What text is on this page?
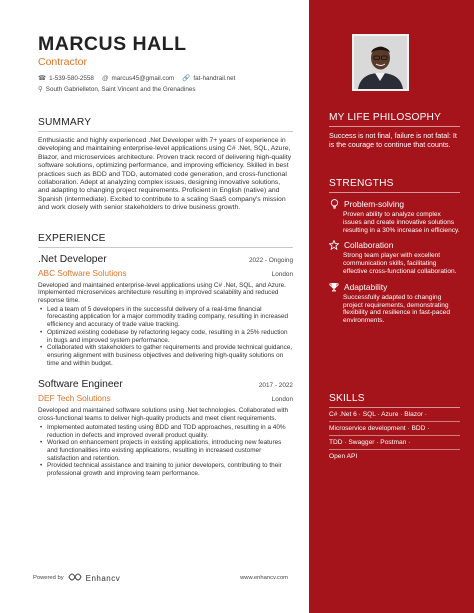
MARCUS HALL
Contractor
☎ 1-539-580-2558 @ marcus45@gmail.com 🔗 fat-handrail.net
⚲ South Gabrielleton, Saint Vincent and the Grenadines
SUMMARY
Enthusiastic and highly experienced .Net Developer with 7+ years of experience in developing and maintaining enterprise-level applications using C# .Net, SQL, Azure, Blazor, and microservices architecture. Proven track record of delivering high-quality software solutions, optimizing performance, and improving efficiency. Skilled in best practices such as BDD and TDD, automated code generation, and cross-functional collaboration. Adept at analyzing complex issues, designing innovative solutions, and adapting to changing project requirements. Proficient in English (native) and Spanish (intermediate). Excited to contribute to a scaling SaaS company's mission and work closely with senior stakeholders to drive business growth.
EXPERIENCE
.Net Developer	2022 - Ongoing
ABC Software Solutions	London
Developed and maintained enterprise-level applications using C# .Net, SQL, and Azure. Implemented microservices architecture resulting in improved scalability and reduced response time.
• Led a team of 5 developers in the successful delivery of a real-time financial forecasting application for a major commodity trading company, resulting in increased efficiency and accuracy of trade value tracking.
• Optimized existing codebase by refactoring legacy code, resulting in a 25% reduction in bugs and improved system performance.
• Collaborated with stakeholders to gather requirements and provide technical guidance, ensuring alignment with business objectives and delivering high-quality solutions on time and within budget.
Software Engineer	2017 - 2022
DEF Tech Solutions	London
Developed and maintained software solutions using .Net technologies. Collaborated with cross-functional teams to deliver high-quality products and meet client requirements.
• Implemented automated testing using BDD and TDD approaches, resulting in a 40% reduction in defects and improved overall product quality.
• Worked on enhancement projects in existing applications, introducing new features and functionalities into existing applications, resulting in increased customer satisfaction and retention.
• Provided technical assistance and training to junior developers, contributing to their professional growth and improving team performance.
Powered by	Enhancv	www.enhancv.com
MY LIFE PHILOSOPHY
Success is not final, failure is not fatal: It is the courage to continue that counts.
STRENGTHS
Problem-solving
Proven ability to analyze complex issues and create innovative solutions resulting in a 30% increase in efficiency.
Collaboration
Strong team player with excellent communication skills, facilitating effective cross-functional collaboration.
Adaptability
Successfully adapted to changing project requirements, demonstrating flexibility and resilience in fast-paced environments.
SKILLS
C# .Net 6 · SQL · Azure · Blazor ·
Microservice development · BDD ·
TDD · Swagger · Postman ·
Open API
